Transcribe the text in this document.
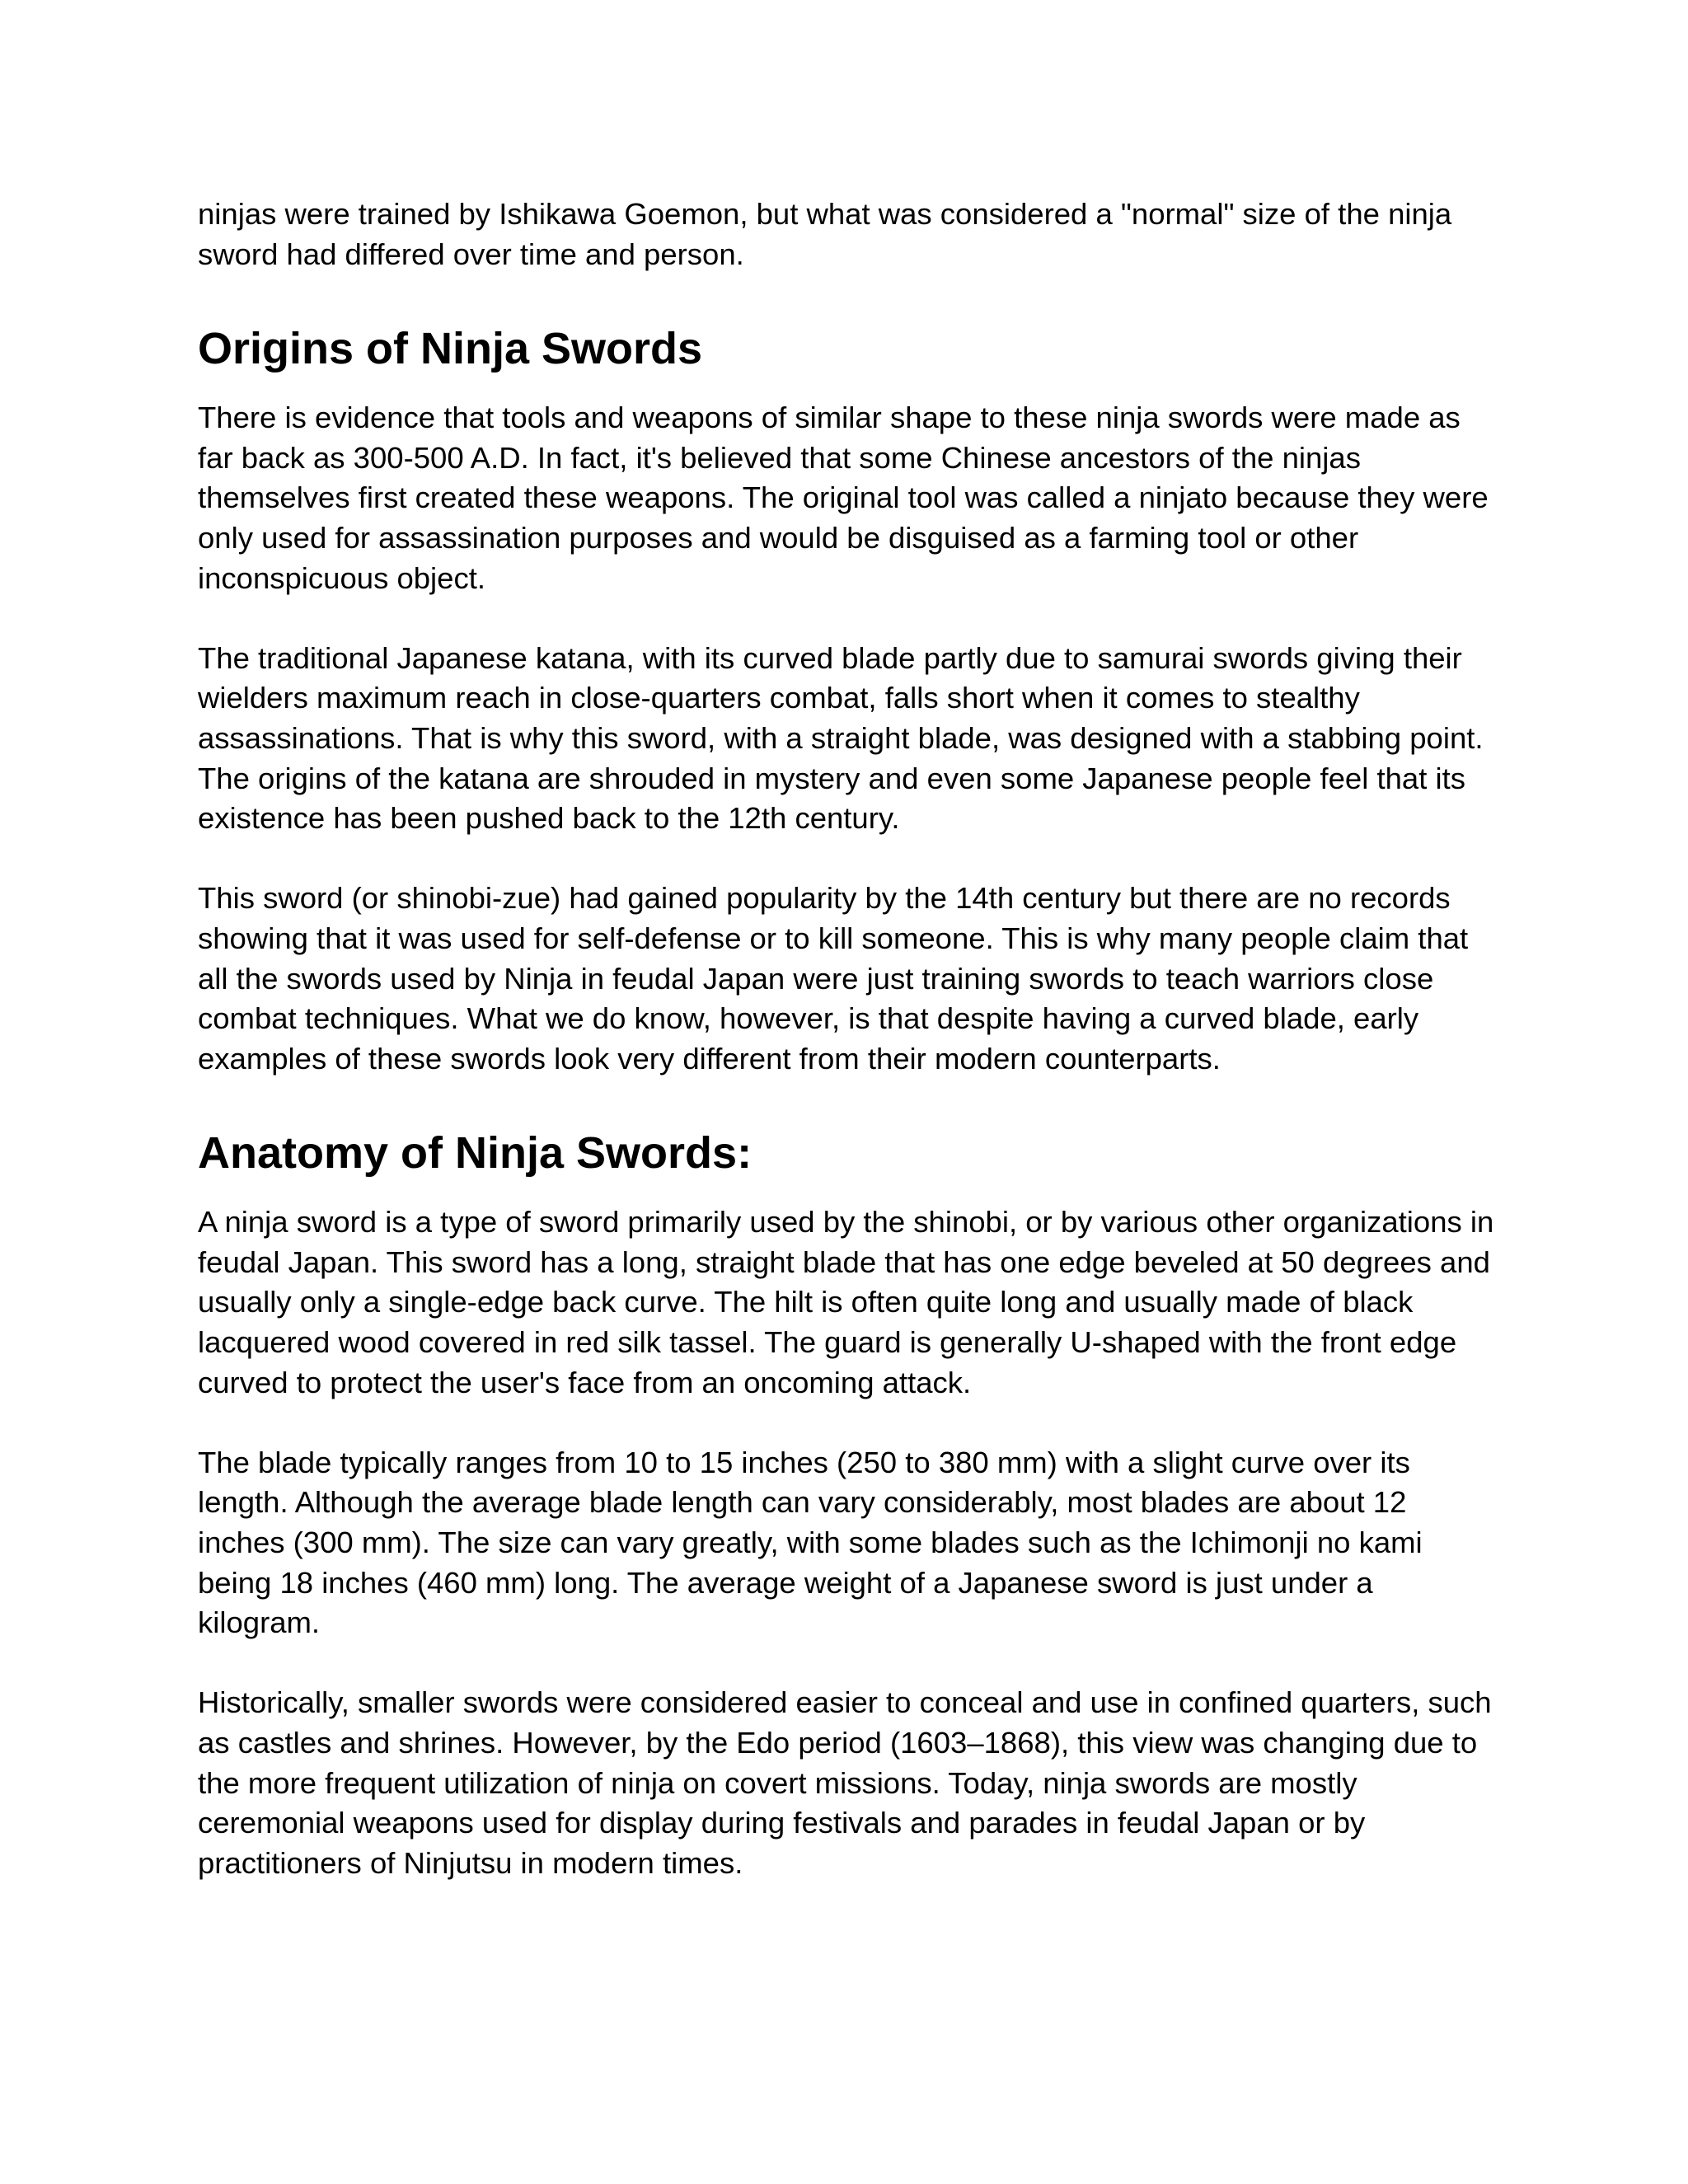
ninjas were trained by Ishikawa Goemon, but what was considered a "normal" size of the ninja sword had differed over time and person.

Origins of Ninja Swords

There is evidence that tools and weapons of similar shape to these ninja swords were made as far back as 300-500 A.D. In fact, it's believed that some Chinese ancestors of the ninjas themselves first created these weapons. The original tool was called a ninjato because they were only used for assassination purposes and would be disguised as a farming tool or other inconspicuous object.

The traditional Japanese katana, with its curved blade partly due to samurai swords giving their wielders maximum reach in close-quarters combat, falls short when it comes to stealthy assassinations. That is why this sword, with a straight blade, was designed with a stabbing point. The origins of the katana are shrouded in mystery and even some Japanese people feel that its existence has been pushed back to the 12th century.

This sword (or shinobi-zue) had gained popularity by the 14th century but there are no records showing that it was used for self-defense or to kill someone. This is why many people claim that all the swords used by Ninja in feudal Japan were just training swords to teach warriors close combat techniques. What we do know, however, is that despite having a curved blade, early examples of these swords look very different from their modern counterparts.

Anatomy of Ninja Swords:

A ninja sword is a type of sword primarily used by the shinobi, or by various other organizations in feudal Japan. This sword has a long, straight blade that has one edge beveled at 50 degrees and usually only a single-edge back curve. The hilt is often quite long and usually made of black lacquered wood covered in red silk tassel. The guard is generally U-shaped with the front edge curved to protect the user's face from an oncoming attack.

The blade typically ranges from 10 to 15 inches (250 to 380 mm) with a slight curve over its length. Although the average blade length can vary considerably, most blades are about 12 inches (300 mm). The size can vary greatly, with some blades such as the Ichimonji no kami being 18 inches (460 mm) long. The average weight of a Japanese sword is just under a kilogram.

Historically, smaller swords were considered easier to conceal and use in confined quarters, such as castles and shrines. However, by the Edo period (1603–1868), this view was changing due to the more frequent utilization of ninja on covert missions. Today, ninja swords are mostly ceremonial weapons used for display during festivals and parades in feudal Japan or by practitioners of Ninjutsu in modern times.
